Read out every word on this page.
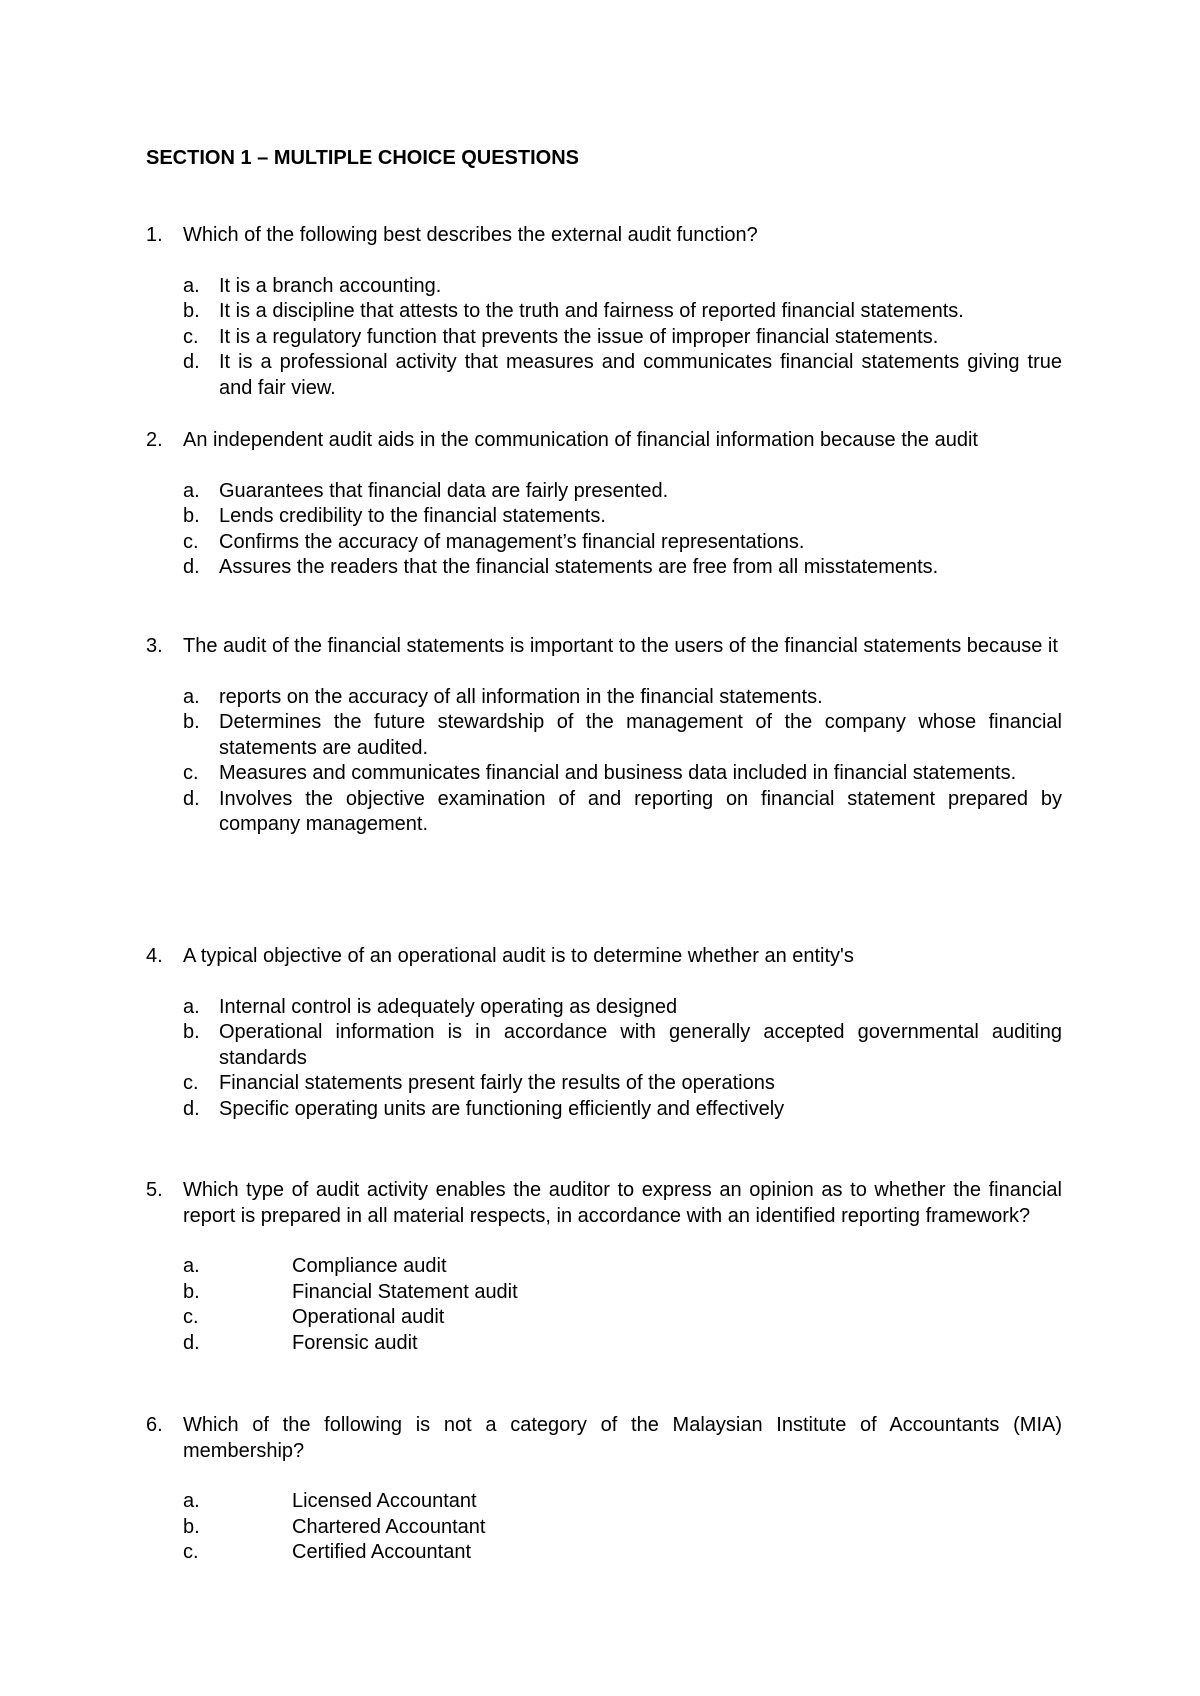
SECTION 1 – MULTIPLE CHOICE QUESTIONS
1.	Which of the following best describes the external audit function?
a. It is a branch accounting.
b. It is a discipline that attests to the truth and fairness of reported financial statements.
c.	It is a regulatory function that prevents the issue of improper financial statements.
d. It is a professional activity that measures and communicates financial statements giving true and fair view.
2.	An independent audit aids in the communication of financial information because the audit
a. Guarantees that financial data are fairly presented.
b. Lends credibility to the financial statements.
c.	Confirms the accuracy of management’s financial representations.
d. Assures the readers that the financial statements are free from all misstatements.
3.	The audit of the financial statements is important to the users of the financial statements because it
a. reports on the accuracy of all information in the financial statements.
b. Determines the future stewardship of the management of the company whose financial statements are audited.
c.	Measures and communicates financial and business data included in financial statements.
d. Involves the objective examination of and reporting on financial statement prepared by company management.
4.	A typical objective of an operational audit is to determine whether an entity's
a. Internal control is adequately operating as designed
b. Operational information is in accordance with generally accepted governmental auditing standards
c.	Financial statements present fairly the results of the operations
d. Specific operating units are functioning efficiently and effectively
5.	Which type of audit activity enables the auditor to express an opinion as to whether the financial report is prepared in all material respects, in accordance with an identified reporting framework?
a.	Compliance audit
b.	Financial Statement audit
c.	Operational audit
d.	Forensic audit
6.	Which of the following is not a category of the Malaysian Institute of Accountants (MIA) membership?
a.	Licensed Accountant
b.	Chartered Accountant
c.	Certified Accountant
